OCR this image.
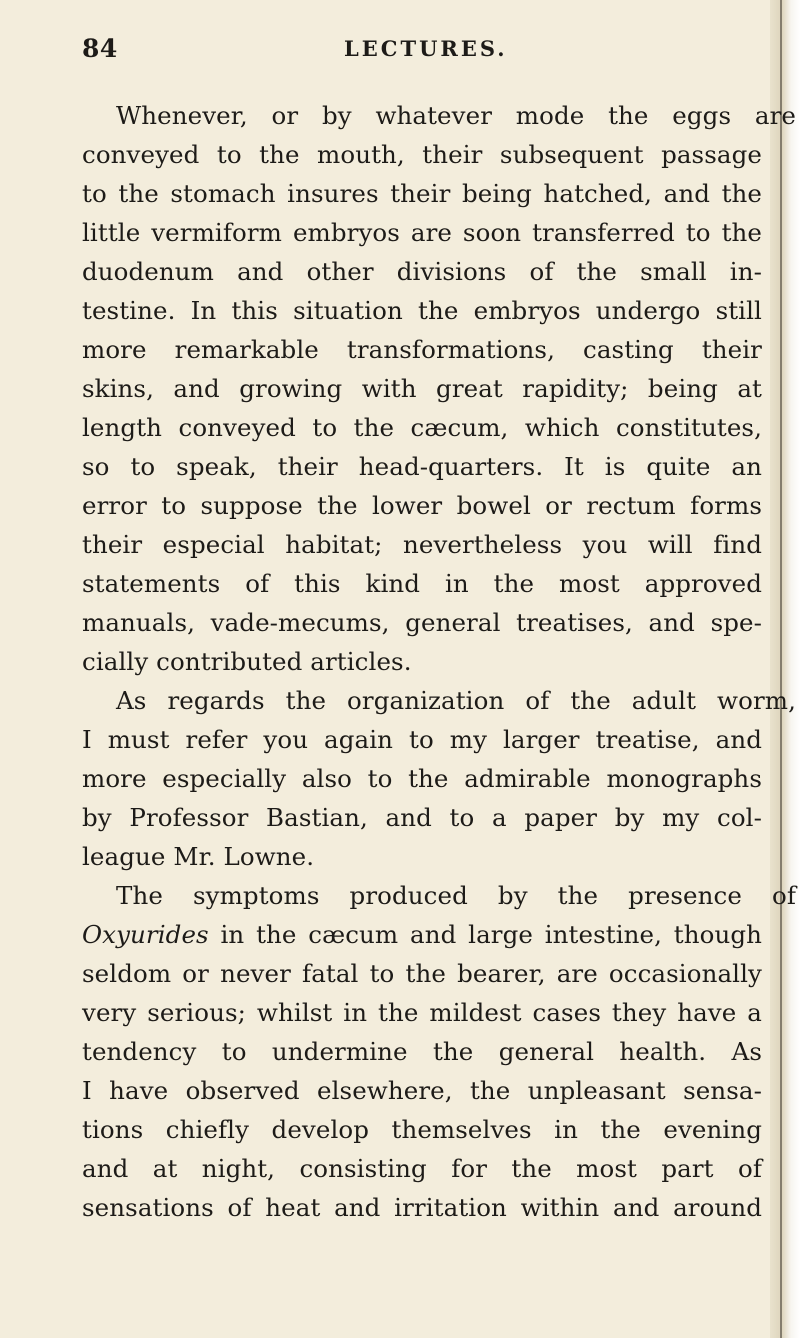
84	LECTURES.
Whenever, or by whatever mode the eggs are
conveyed to the mouth, their subsequent passage
to the stomach insures their being hatched, and the
little vermiform embryos are soon transferred to the
duodenum and other divisions of the small in-
testine. In this situation the embryos undergo still
more remarkable transformations, casting their
skins, and growing with great rapidity; being at
length conveyed to the cæcum, which constitutes,
so to speak, their head-quarters. It is quite an
error to suppose the lower bowel or rectum forms
their especial habitat; nevertheless you will find
statements of this kind in the most approved
manuals, vade-mecums, general treatises, and spe-
cially contributed articles.
As regards the organization of the adult worm,
I must refer you again to my larger treatise, and
more especially also to the admirable monographs
by Professor Bastian, and to a paper by my col-
league Mr. Lowne.
The symptoms produced by the presence of
Oxyurides in the cæcum and large intestine, though
seldom or never fatal to the bearer, are occasionally
very serious; whilst in the mildest cases they have a
tendency to undermine the general health. As
I have observed elsewhere, the unpleasant sensa-
tions chiefly develop themselves in the evening
and at night, consisting for the most part of
sensations of heat and irritation within and around
